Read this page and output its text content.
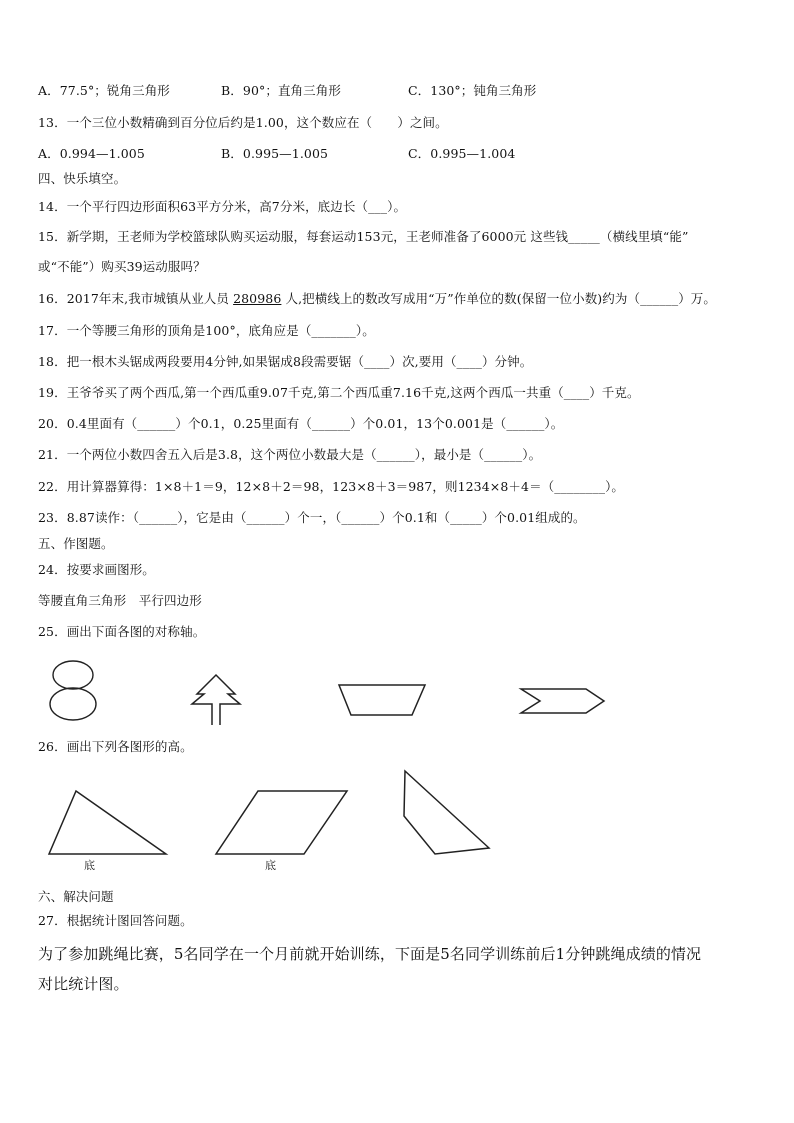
A．77.5°；锐角三角形	B．90°；直角三角形	C．130°；钝角三角形
13．一个三位小数精确到百分位后约是1.00，这个数应在（　　）之间。
A．0.994—1.005	B．0.995—1.005	C．0.995—1.004
四、快乐填空。
14．一个平行四边形面积63平方分米，高7分米，底边长（___）。
15．新学期，王老师为学校篮球队购买运动服，每套运动153元，王老师准备了6000元 这些钱_____（横线里填“能”
或“不能”）购买39运动服吗？
16．2017年末,我市城镇从业人员 280986 人,把横线上的数改写成用“万”作单位的数(保留一位小数)约为（______）万。
17．一个等腰三角形的顶角是100°，底角应是（_______）。
18．把一根木头锯成两段要用4分钟,如果锯成8段需要锯（____）次,要用（____）分钟。
19．王爷爷买了两个西瓜,第一个西瓜重9.07千克,第二个西瓜重7.16千克,这两个西瓜一共重（____）千克。
20．0.4里面有（______）个0.1，0.25里面有（______）个0.01，13个0.001是（______）。
21．一个两位小数四舍五入后是3.8，这个两位小数最大是（______），最小是（______）。
22．用计算器算得：1×8＋1＝9，12×8＋2＝98，123×8＋3＝987，则1234×8＋4＝（________）。
23．8.87读作：（______），它是由（______）个一，（______）个0.1和（_____）个0.01组成的。
五、作图题。
24．按要求画图形。
等腰直角三角形　平行四边形
25．画出下面各图的对称轴。
26．画出下列各图形的高。
底	底
六、解决问题
27．根据统计图回答问题。
为了参加跳绳比赛，5名同学在一个月前就开始训练，下面是5名同学训练前后1分钟跳绳成绩的情况
对比统计图。
